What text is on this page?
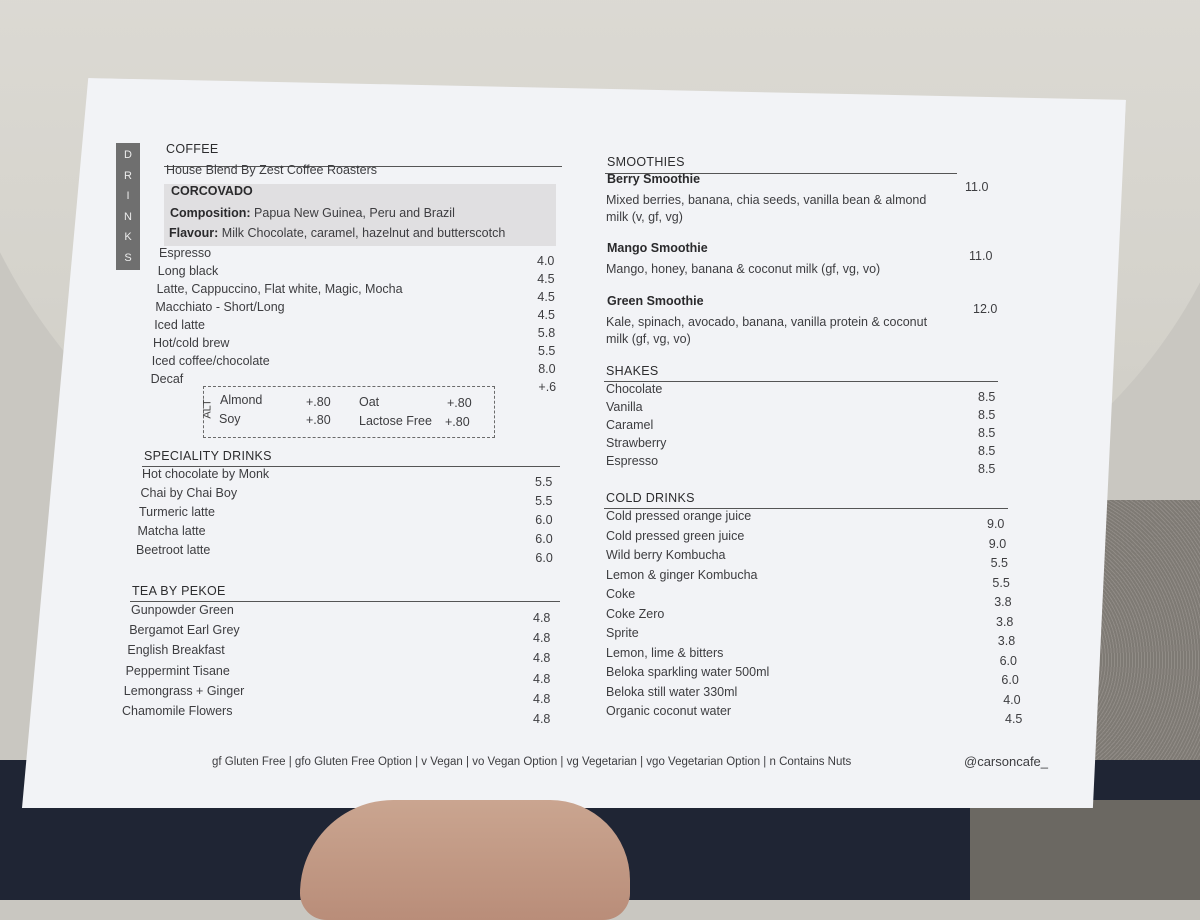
D
R
I
N
K
S
COFFEE
House Blend By Zest Coffee Roasters
CORCOVADO
Composition: Papua New Guinea, Peru and Brazil
Flavour: Milk Chocolate, caramel, hazelnut and butterscotch
Espresso
4.0
Long black
4.5
Latte, Cappuccino, Flat white, Magic, Mocha
4.5
Macchiato - Short/Long
4.5
Iced latte
5.8
Hot/cold brew
5.5
Iced coffee/chocolate
8.0
Decaf
+.6
ALT Almond	+.80 Oat	+.80
Soy	+.80 Lactose Free +.80
SPECIALITY DRINKS
Hot chocolate by Monk
5.5
Chai by Chai Boy
5.5
Turmeric latte
6.0
Matcha latte
6.0
Beetroot latte
6.0
TEA BY PEKOE
Gunpowder Green
4.8
Bergamot Earl Grey
4.8
English Breakfast
4.8
Peppermint Tisane
4.8
Lemongrass + Ginger
4.8
Chamomile Flowers
4.8
SMOOTHIES
Berry Smoothie
11.0
Mixed berries, banana, chia seeds, vanilla bean & almond
milk (v, gf, vg)
Mango Smoothie
11.0
Mango, honey, banana & coconut milk (gf, vg, vo)
Green Smoothie
12.0
Kale, spinach, avocado, banana, vanilla protein & coconut
milk (gf, vg, vo)
SHAKES
Chocolate
8.5
Vanilla
8.5
Caramel
8.5
Strawberry
8.5
Espresso
8.5
COLD DRINKS
Cold pressed orange juice
9.0
Cold pressed green juice
9.0
Wild berry Kombucha
5.5
Lemon & ginger Kombucha
5.5
Coke
3.8
Coke Zero
3.8
Sprite
3.8
Lemon, lime & bitters
6.0
Beloka sparkling water 500ml
6.0
Beloka still water 330ml
4.0
Organic coconut water
4.5
gf Gluten Free | gfo Gluten Free Option | v Vegan | vo Vegan Option | vg Vegetarian | vgo Vegetarian Option | n Contains Nuts	@carsoncafe_
